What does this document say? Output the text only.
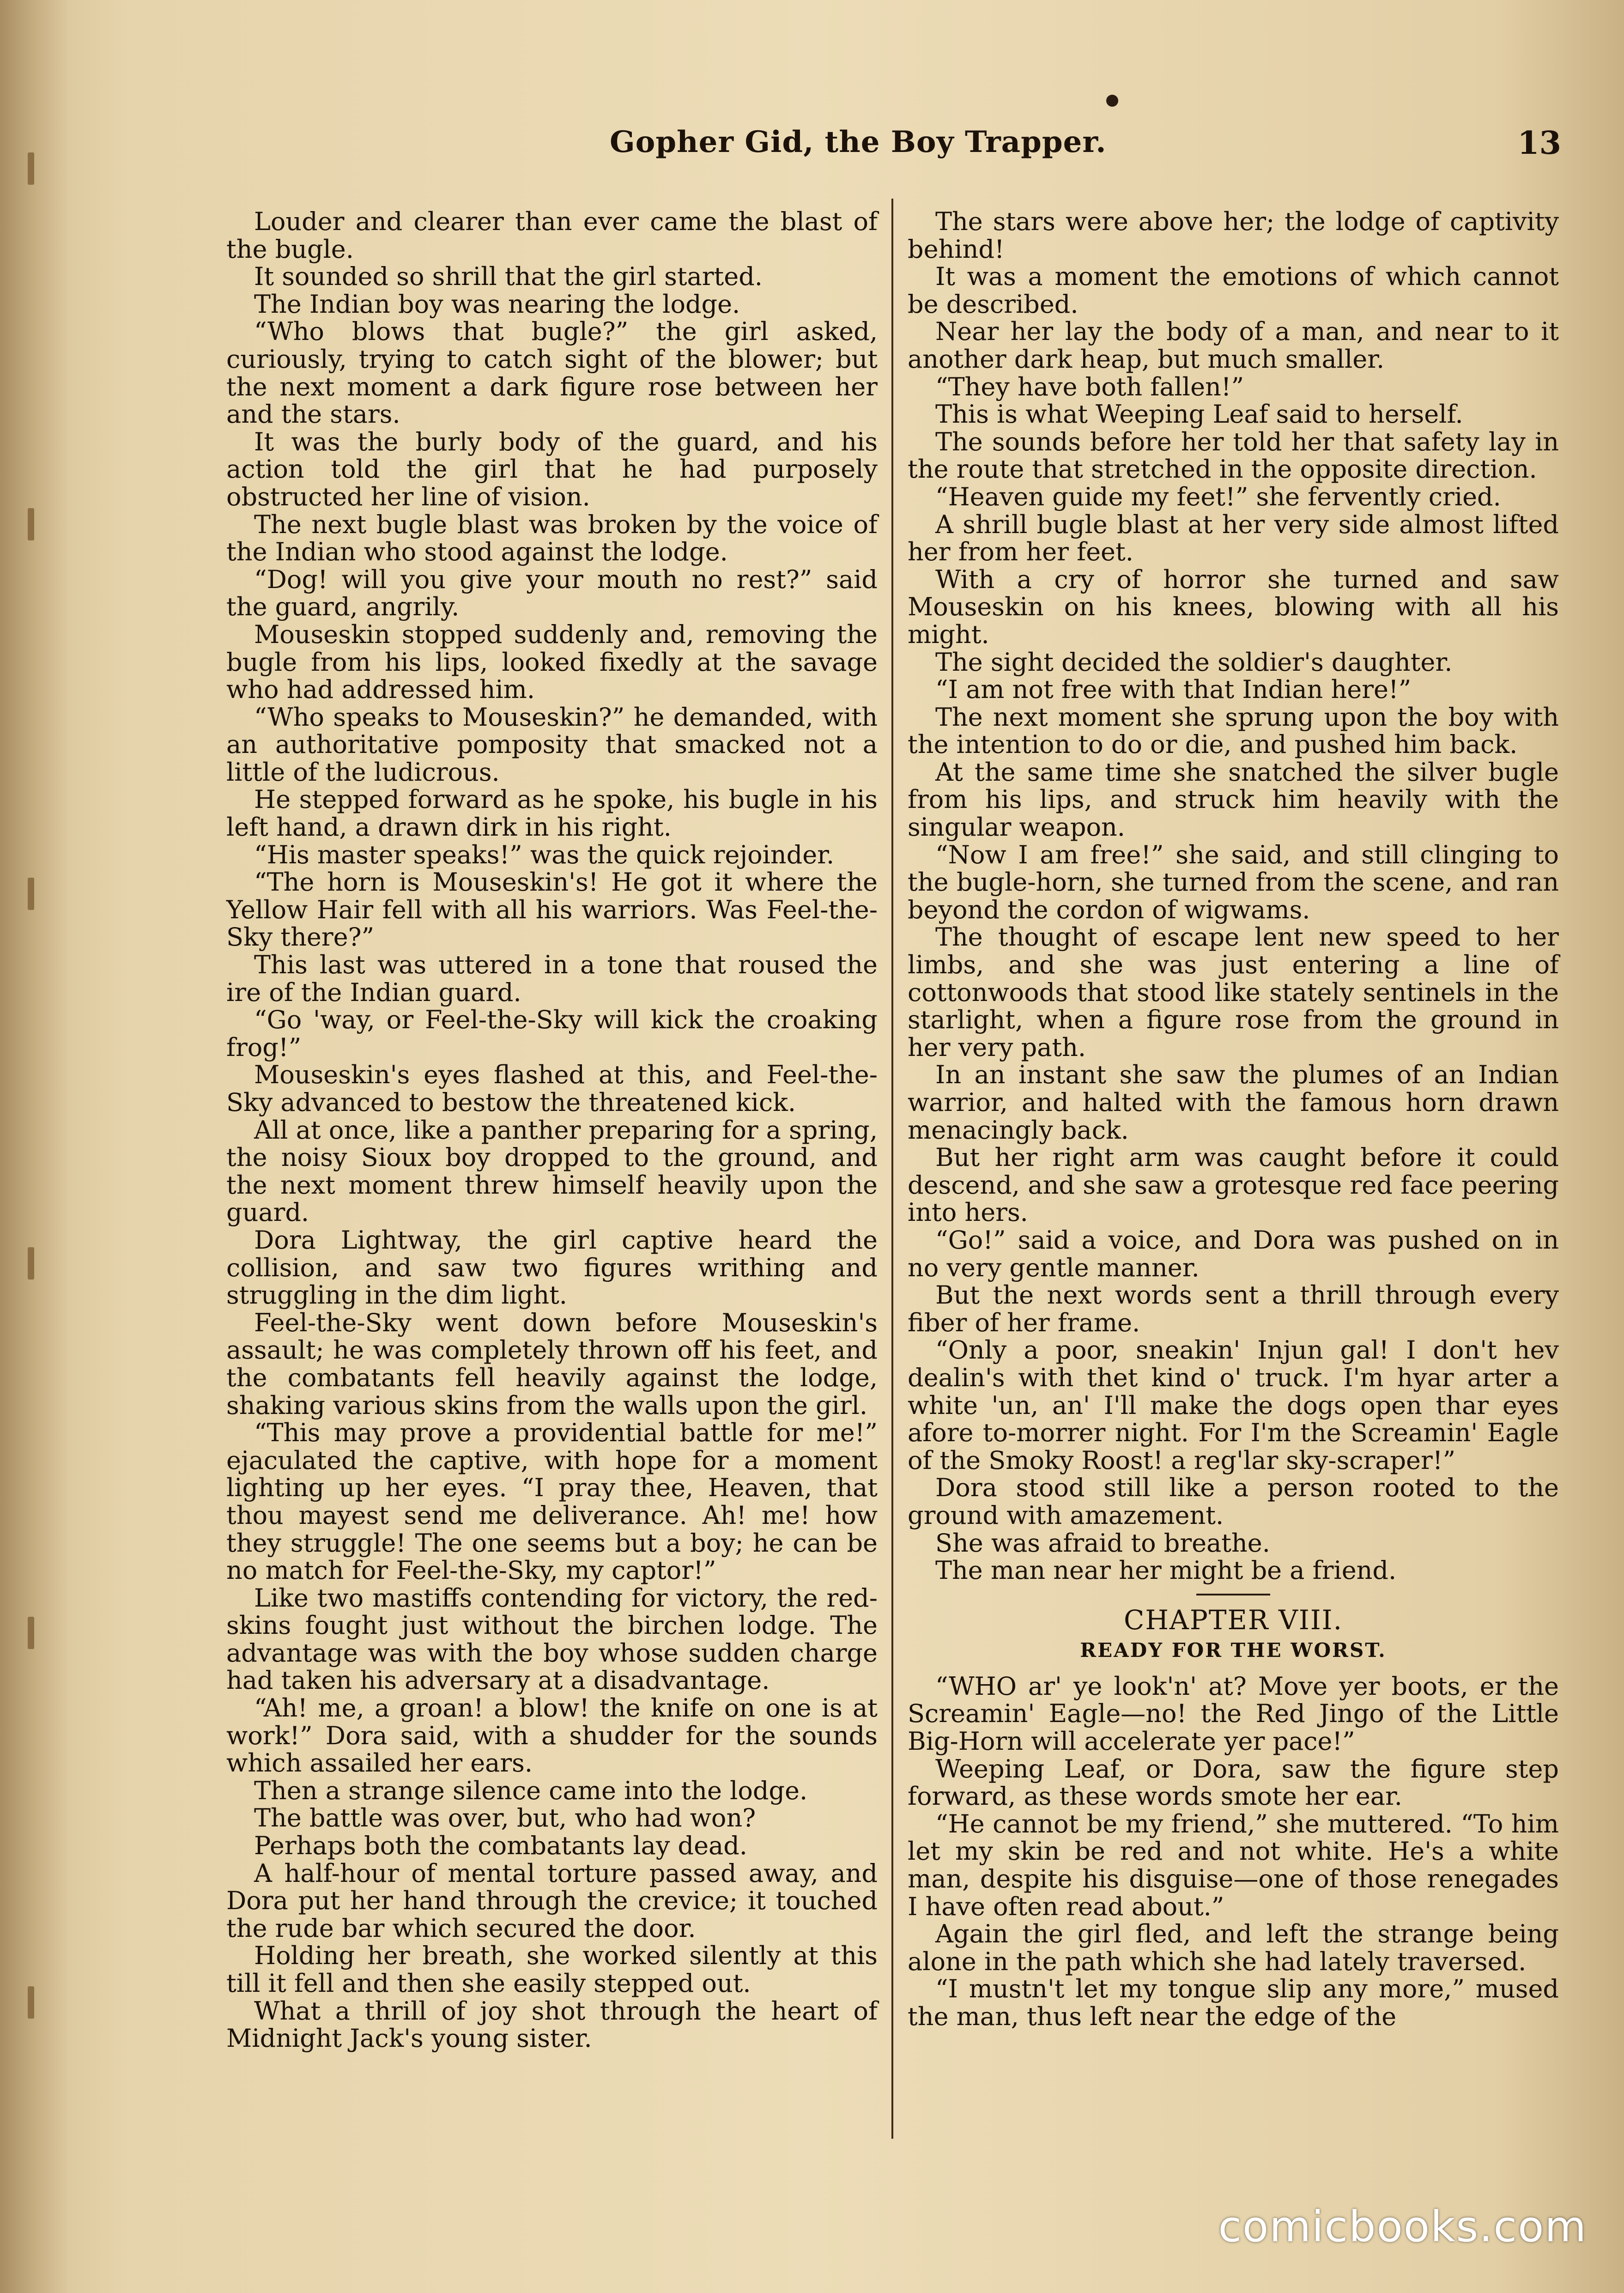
Gopher Gid, the Boy Trapper.	13

Louder and clearer than ever came the blast of the bugle.

It sounded so shrill that the girl started.

The Indian boy was nearing the lodge.

“Who blows that bugle?” the girl asked, curiously, trying to catch sight of the blower; but the next moment a dark figure rose between her and the stars.

It was the burly body of the guard, and his action told the girl that he had purposely obstructed her line of vision.

The next bugle blast was broken by the voice of the Indian who stood against the lodge.

“Dog! will you give your mouth no rest?” said the guard, angrily.

Mouseskin stopped suddenly and, removing the bugle from his lips, looked fixedly at the savage who had addressed him.

“Who speaks to Mouseskin?” he demanded, with an authoritative pomposity that smacked not a little of the ludicrous.

He stepped forward as he spoke, his bugle in his left hand, a drawn dirk in his right.

“His master speaks!” was the quick rejoinder.

“The horn is Mouseskin's! He got it where the Yellow Hair fell with all his warriors. Was Feel-the-Sky there?”

This last was uttered in a tone that roused the ire of the Indian guard.

“Go 'way, or Feel-the-Sky will kick the croaking frog!”

Mouseskin's eyes flashed at this, and Feel-the-Sky advanced to bestow the threatened kick.

All at once, like a panther preparing for a spring, the noisy Sioux boy dropped to the ground, and the next moment threw himself heavily upon the guard.

Dora Lightway, the girl captive heard the collision, and saw two figures writhing and struggling in the dim light.

Feel-the-Sky went down before Mouseskin's assault; he was completely thrown off his feet, and the combatants fell heavily against the lodge, shaking various skins from the walls upon the girl.

“This may prove a providential battle for me!” ejaculated the captive, with hope for a moment lighting up her eyes. “I pray thee, Heaven, that thou mayest send me deliverance. Ah! me! how they struggle! The one seems but a boy; he can be no match for Feel-the-Sky, my captor!”

Like two mastiffs contending for victory, the red-skins fought just without the birchen lodge. The advantage was with the boy whose sudden charge had taken his adversary at a disadvantage.

“Ah! me, a groan! a blow! the knife on one is at work!” Dora said, with a shudder for the sounds which assailed her ears.

Then a strange silence came into the lodge.

The battle was over, but, who had won?

Perhaps both the combatants lay dead.

A half-hour of mental torture passed away, and Dora put her hand through the crevice; it touched the rude bar which secured the door.

Holding her breath, she worked silently at this till it fell and then she easily stepped out.

What a thrill of joy shot through the heart of Midnight Jack's young sister.

The stars were above her; the lodge of captivity behind!

It was a moment the emotions of which cannot be described.

Near her lay the body of a man, and near to it another dark heap, but much smaller.

“They have both fallen!”

This is what Weeping Leaf said to herself.

The sounds before her told her that safety lay in the route that stretched in the opposite direction.

“Heaven guide my feet!” she fervently cried.

A shrill bugle blast at her very side almost lifted her from her feet.

With a cry of horror she turned and saw Mouseskin on his knees, blowing with all his might.

The sight decided the soldier's daughter.

“I am not free with that Indian here!”

The next moment she sprung upon the boy with the intention to do or die, and pushed him back.

At the same time she snatched the silver bugle from his lips, and struck him heavily with the singular weapon.

“Now I am free!” she said, and still clinging to the bugle-horn, she turned from the scene, and ran beyond the cordon of wigwams.

The thought of escape lent new speed to her limbs, and she was just entering a line of cottonwoods that stood like stately sentinels in the starlight, when a figure rose from the ground in her very path.

In an instant she saw the plumes of an Indian warrior, and halted with the famous horn drawn menacingly back.

But her right arm was caught before it could descend, and she saw a grotesque red face peering into hers.

“Go!” said a voice, and Dora was pushed on in no very gentle manner.

But the next words sent a thrill through every fiber of her frame.

“Only a poor, sneakin' Injun gal! I don't hev dealin's with thet kind o' truck. I'm hyar arter a white 'un, an' I'll make the dogs open thar eyes afore to-morrer night. For I'm the Screamin' Eagle of the Smoky Roost! a reg'lar sky-scraper!”

Dora stood still like a person rooted to the ground with amazement.

She was afraid to breathe.

The man near her might be a friend.

CHAPTER VIII.

READY FOR THE WORST.

“WHO ar' ye look'n' at? Move yer boots, er the Screamin' Eagle—no! the Red Jingo of the Little Big-Horn will accelerate yer pace!”

Weeping Leaf, or Dora, saw the figure step forward, as these words smote her ear.

“He cannot be my friend,” she muttered. “To him let my skin be red and not white. He's a white man, despite his disguise—one of those renegades I have often read about.”

Again the girl fled, and left the strange being alone in the path which she had lately traversed.

“I mustn't let my tongue slip any more,” mused the man, thus left near the edge of the

comicbooks.com
